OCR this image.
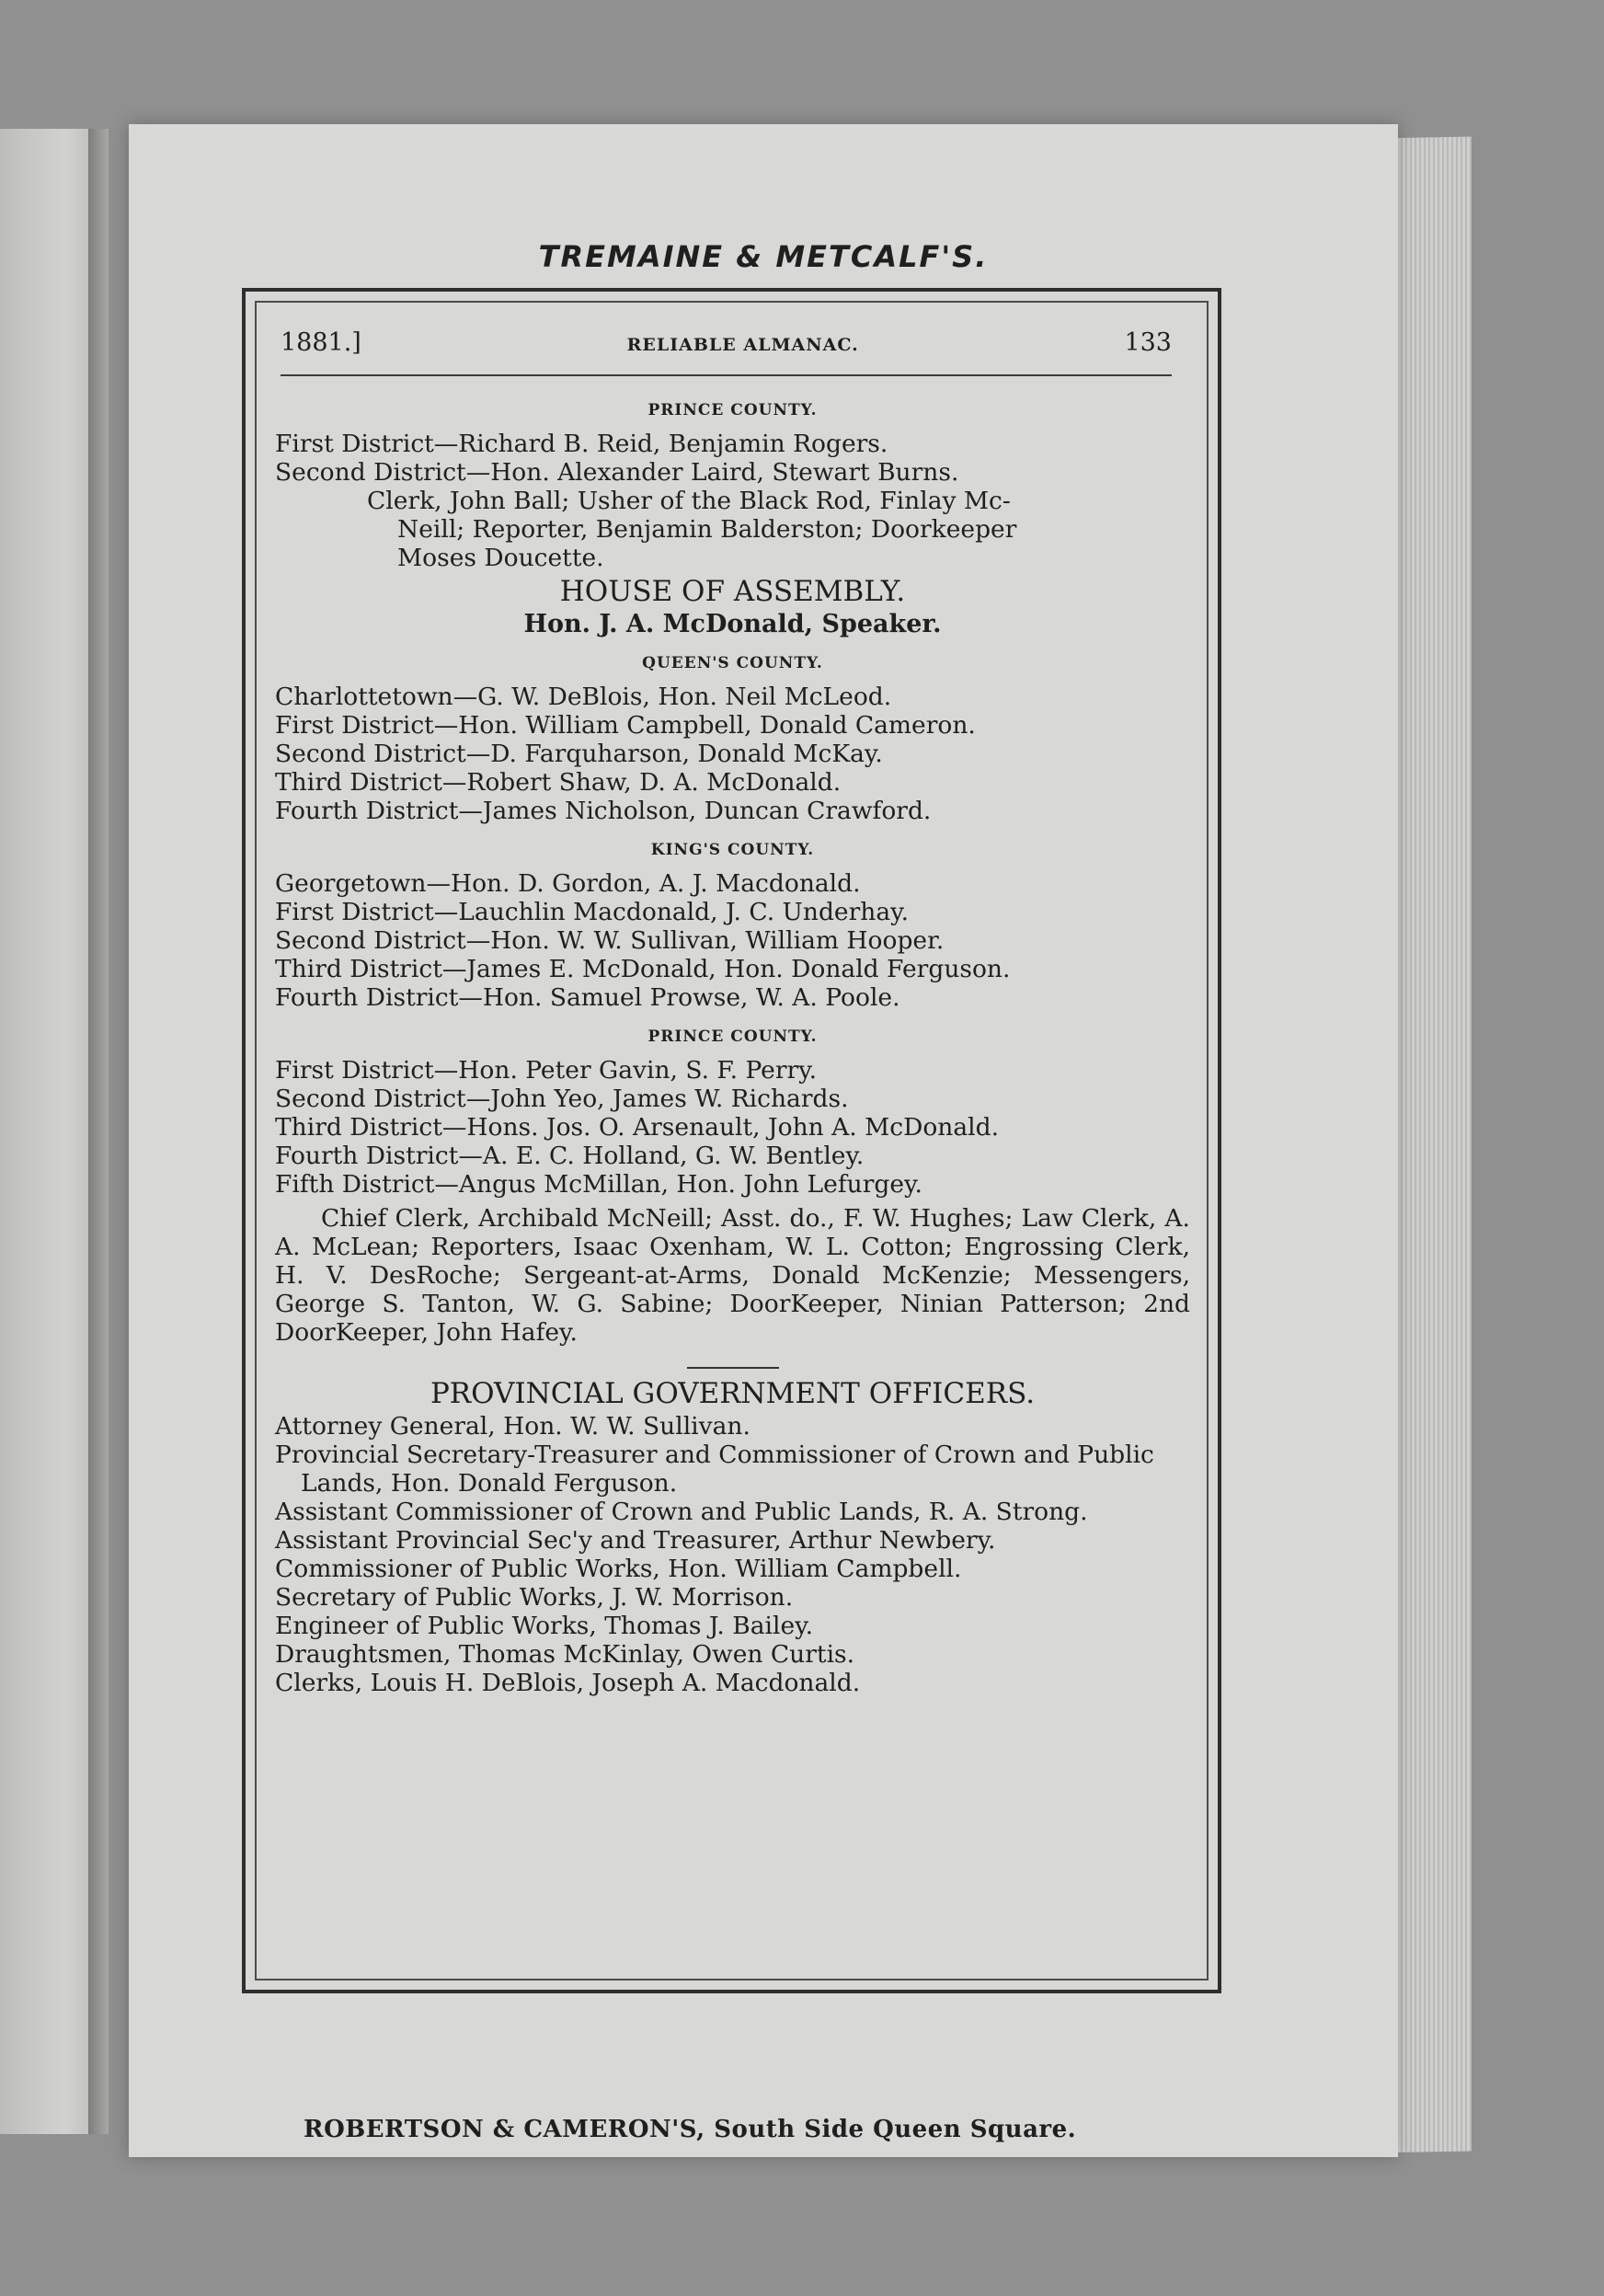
TREMAINE & METCALF'S.
1881.]	RELIABLE ALMANAC.	133
PRINCE COUNTY.
First District—Richard B. Reid, Benjamin Rogers.
Second District—Hon. Alexander Laird, Stewart Burns.
Clerk, John Ball; Usher of the Black Rod, Finlay Mc-
Neill; Reporter, Benjamin Balderston; Doorkeeper
Moses Doucette.
HOUSE OF ASSEMBLY.
Hon. J. A. McDonald, Speaker.
QUEEN'S COUNTY.
Charlottetown—G. W. DeBlois, Hon. Neil McLeod.
First District—Hon. William Campbell, Donald Cameron.
Second District—D. Farquharson, Donald McKay.
Third District—Robert Shaw, D. A. McDonald.
Fourth District—James Nicholson, Duncan Crawford.
KING'S COUNTY.
Georgetown—Hon. D. Gordon, A. J. Macdonald.
First District—Lauchlin Macdonald, J. C. Underhay.
Second District—Hon. W. W. Sullivan, William Hooper.
Third District—James E. McDonald, Hon. Donald Ferguson.
Fourth District—Hon. Samuel Prowse, W. A. Poole.
PRINCE COUNTY.
First District—Hon. Peter Gavin, S. F. Perry.
Second District—John Yeo, James W. Richards.
Third District—Hons. Jos. O. Arsenault, John A. McDonald.
Fourth District—A. E. C. Holland, G. W. Bentley.
Fifth District—Angus McMillan, Hon. John Lefurgey.
Chief Clerk, Archibald McNeill; Asst. do., F. W. Hughes; Law Clerk, A. A. McLean; Reporters, Isaac Oxenham, W. L. Cotton; Engrossing Clerk, H. V. DesRoche; Sergeant-at-Arms, Donald McKenzie; Messengers, George S. Tanton, W. G. Sabine; DoorKeeper, Ninian Patterson; 2nd DoorKeeper, John Hafey.
PROVINCIAL GOVERNMENT OFFICERS.
Attorney General, Hon. W. W. Sullivan.
Provincial Secretary-Treasurer and Commissioner of Crown and Public Lands, Hon. Donald Ferguson.
Assistant Commissioner of Crown and Public Lands, R. A. Strong.
Assistant Provincial Sec'y and Treasurer, Arthur Newbery.
Commissioner of Public Works, Hon. William Campbell.
Secretary of Public Works, J. W. Morrison.
Engineer of Public Works, Thomas J. Bailey.
Draughtsmen, Thomas McKinlay, Owen Curtis.
Clerks, Louis H. DeBlois, Joseph A. Macdonald.
ROBERTSON & CAMERON'S, South Side Queen Square.
